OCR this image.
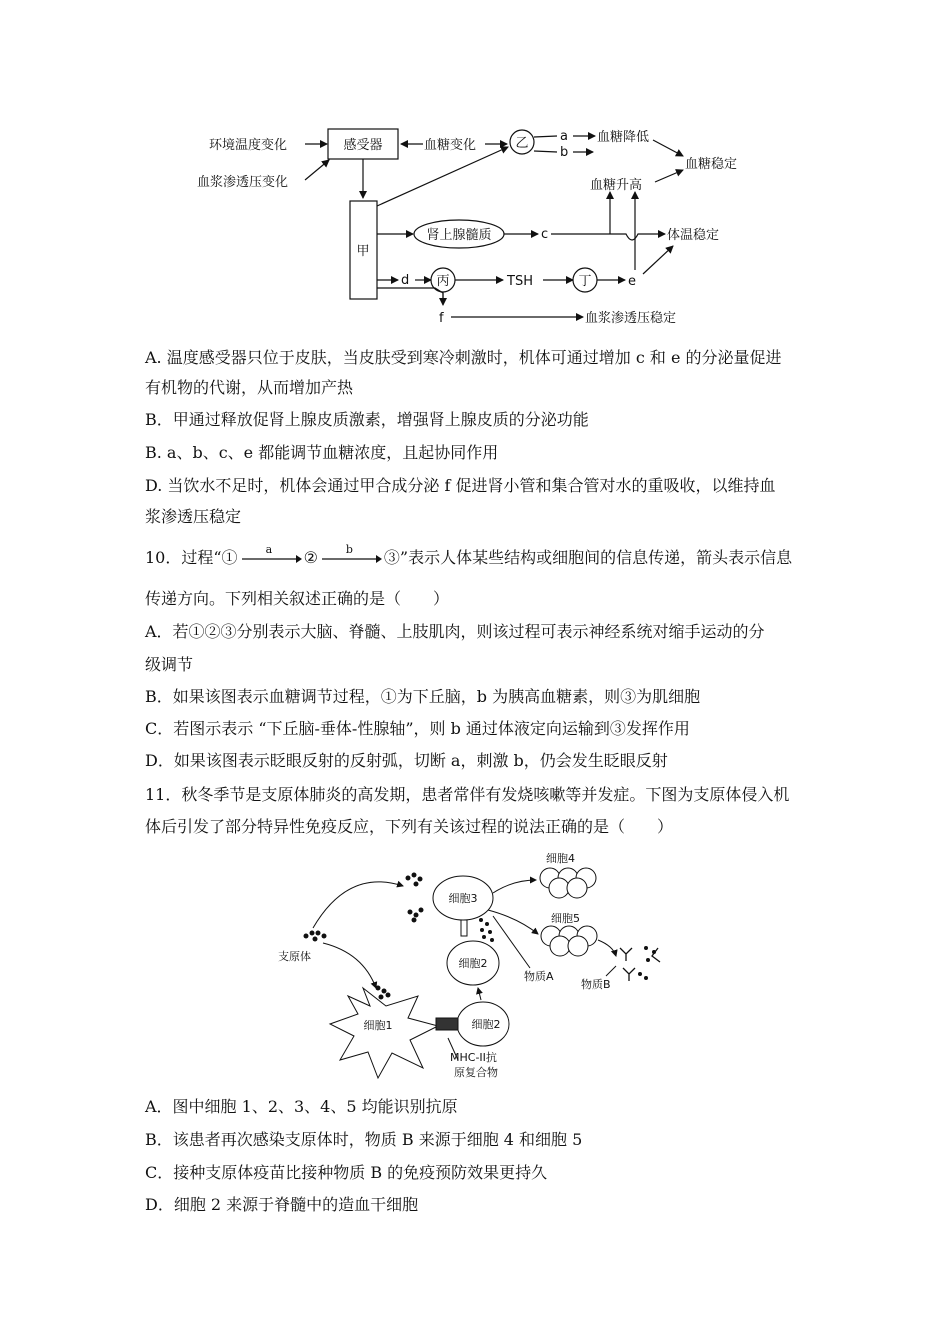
环境温度变化
血浆渗透压变化
感受器	血糖变化	乙 a
b
血糖降低
血糖稳定
血糖升高
甲
肾上腺髓质	c	体温稳定
d 丙	TSH	丁	e
f	血浆渗透压稳定
A. 温度感受器只位于皮肤，当皮肤受到寒冷刺激时，机体可通过增加 c 和 e 的分泌量促进
有机物的代谢，从而增加产热
B．甲通过释放促肾上腺皮质激素，增强肾上腺皮质的分泌功能
B. a、b、c、e 都能调节血糖浓度，且起协同作用
D. 当饮水不足时，机体会通过甲合成分泌 f 促进肾小管和集合管对水的重吸收，以维持血
浆渗透压稳定
10．过程“①	a ②	b ③”表示人体某些结构或细胞间的信息传递，箭头表示信息
传递方向。下列相关叙述正确的是（　　）
A．若①②③分别表示大脑、脊髓、上肢肌肉，则该过程可表示神经系统对缩手运动的分
级调节
B．如果该图表示血糖调节过程，①为下丘脑，b 为胰高血糖素，则③为肌细胞
C．若图示表示 “下丘脑-垂体-性腺轴”，则 b 通过体液定向运输到③发挥作用
D．如果该图表示眨眼反射的反射弧，切断 a，刺激 b，仍会发生眨眼反射
11．秋冬季节是支原体肺炎的高发期，患者常伴有发烧咳嗽等并发症。下图为支原体侵入机
体后引发了部分特异性免疫反应，下列有关该过程的说法正确的是（　　）
细胞4
细胞3
细胞5
支原体
细胞2
物质A
物质B
细胞1	细胞2
MHC-II抗
原复合物
A．图中细胞 1、2、3、4、5 均能识别抗原
B．该患者再次感染支原体时，物质 B 来源于细胞 4 和细胞 5
C．接种支原体疫苗比接种物质 B 的免疫预防效果更持久
D．细胞 2 来源于脊髓中的造血干细胞
